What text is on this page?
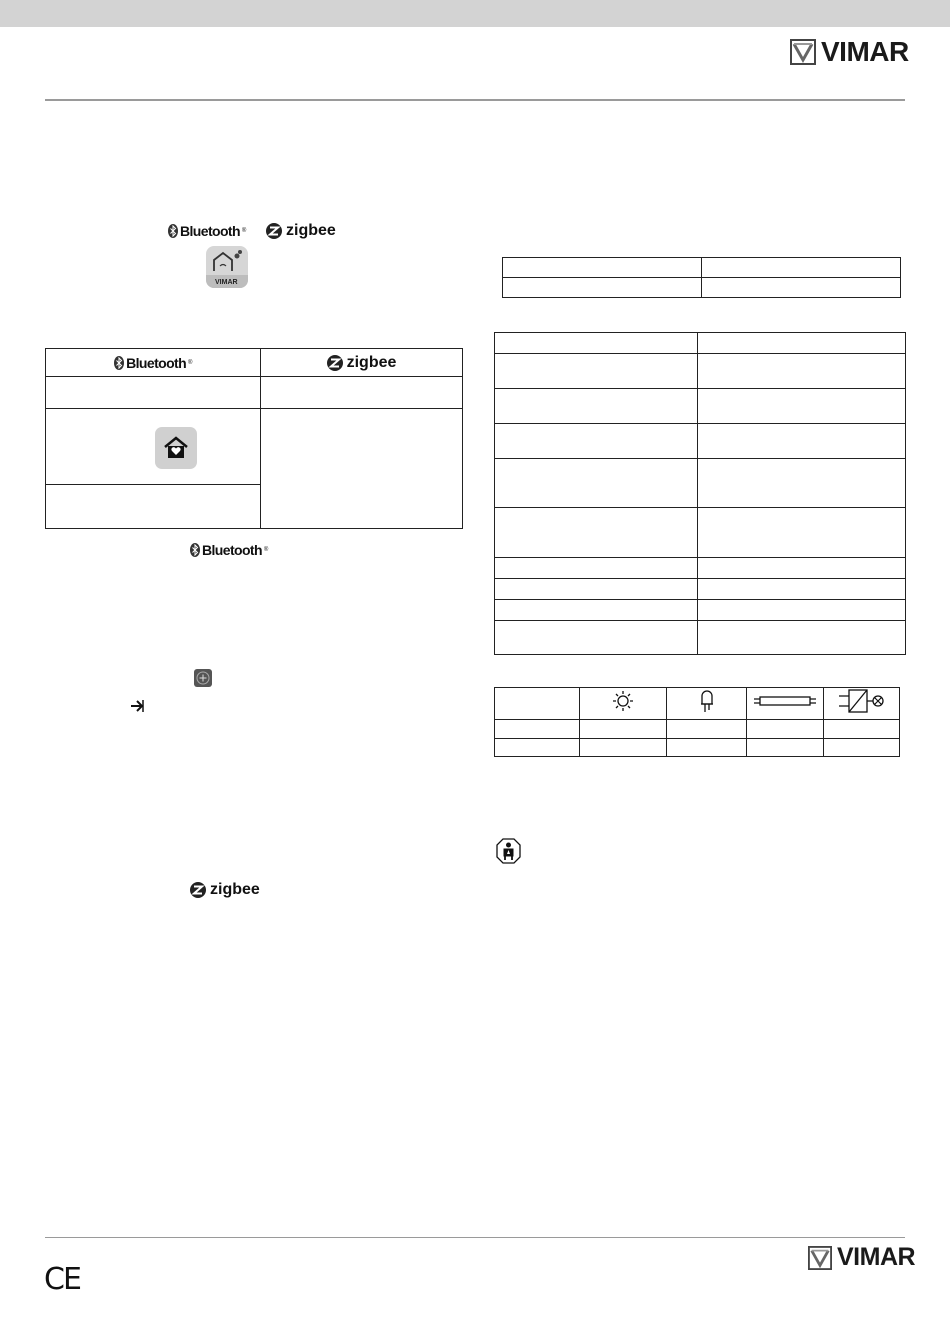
VIMAR
Bluetooth ®	zigbee
VIMAR
Bluetooth ®	zigbee

Bluetooth ®
zigbee

CE
VIMAR
